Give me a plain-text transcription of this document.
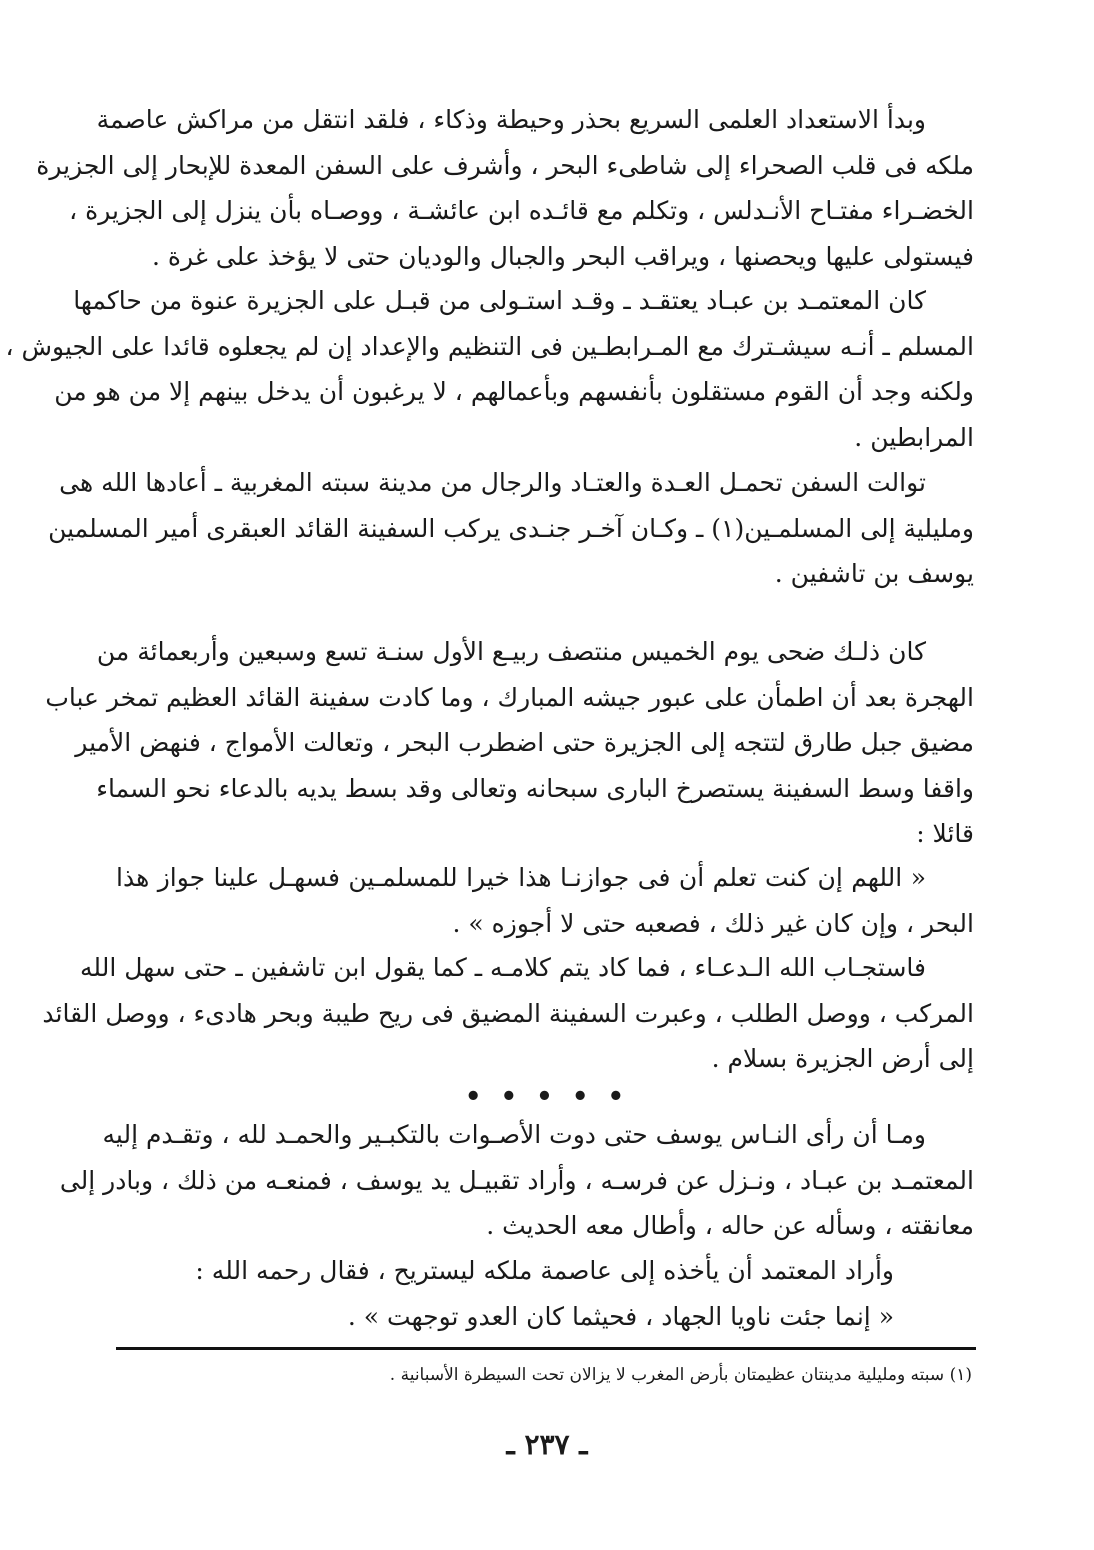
وبدأ الاستعداد العلمى السريع بحذر وحيطة وذكاء ، فلقد انتقل من مراكش عاصمة
ملكه فى قلب الصحراء إلى شاطىء البحر ، وأشرف على السفن المعدة للإبحار إلى الجزيرة
الخضـراء مفتـاح الأنـدلس ، وتكلم مع قائـده ابن عائشـة ، ووصـاه بأن ينزل إلى الجزيرة ،
فيستولى عليها ويحصنها ، ويراقب البحر والجبال والوديان حتى لا يؤخذ على غرة .
كان المعتمـد بن عبـاد يعتقـد ـ وقـد استـولى من قبـل على الجزيرة عنوة من حاكمها
المسلم ـ أنـه سيشـترك مع المـرابطـين فى التنظيم والإعداد إن لم يجعلوه قائدا على الجيوش ،
ولكنه وجد أن القوم مستقلون بأنفسهم وبأعمالهم ، لا يرغبون أن يدخل بينهم إلا من هو من
المرابطين .
توالت السفن تحمـل العـدة والعتـاد والرجال من مدينة سبته المغربية ـ أعادها الله هى
ومليلية إلى المسلمـين(١) ـ وكـان آخـر جنـدى يركب السفينة القائد العبقرى أمير المسلمين
يوسف بن تاشفين .
كان ذلـك ضحى يوم الخميس منتصف ربيـع الأول سنـة تسع وسبعين وأربعمائة من
الهجرة بعد أن اطمأن على عبور جيشه المبارك ، وما كادت سفينة القائد العظيم تمخر عباب
مضيق جبل طارق لتتجه إلى الجزيرة حتى اضطرب البحر ، وتعالت الأمواج ، فنهض الأمير
واقفا وسط السفينة يستصرخ البارى سبحانه وتعالى وقد بسط يديه بالدعاء نحو السماء
قائلا :
« اللهم إن كنت تعلم أن فى جوازنـا هذا خيرا للمسلمـين فسهـل علينا جواز هذا
البحر ، وإن كان غير ذلك ، فصعبه حتى لا أجوزه » .
فاستجـاب الله الـدعـاء ، فما كاد يتم كلامـه ـ كما يقول ابن تاشفين ـ حتى سهل الله
المركب ، ووصل الطلب ، وعبرت السفينة المضيق فى ريح طيبة وبحر هادىء ، ووصل القائد
إلى أرض الجزيرة بسلام .
• • • • •
ومـا أن رأى النـاس يوسف حتى دوت الأصـوات بالتكبـير والحمـد لله ، وتقـدم إليه
المعتمـد بن عبـاد ، ونـزل عن فرسـه ، وأراد تقبيـل يد يوسف ، فمنعـه من ذلك ، وبادر إلى
معانقته ، وسأله عن حاله ، وأطال معه الحديث .
وأراد المعتمد أن يأخذه إلى عاصمة ملكه ليستريح ، فقال رحمه الله :
« إنما جئت ناويا الجهاد ، فحيثما كان العدو توجهت » .
(١) سبته ومليلية مدينتان عظيمتان بأرض المغرب لا يزالان تحت السيطرة الأسبانية .
ـ ٢٣٧ ـ
